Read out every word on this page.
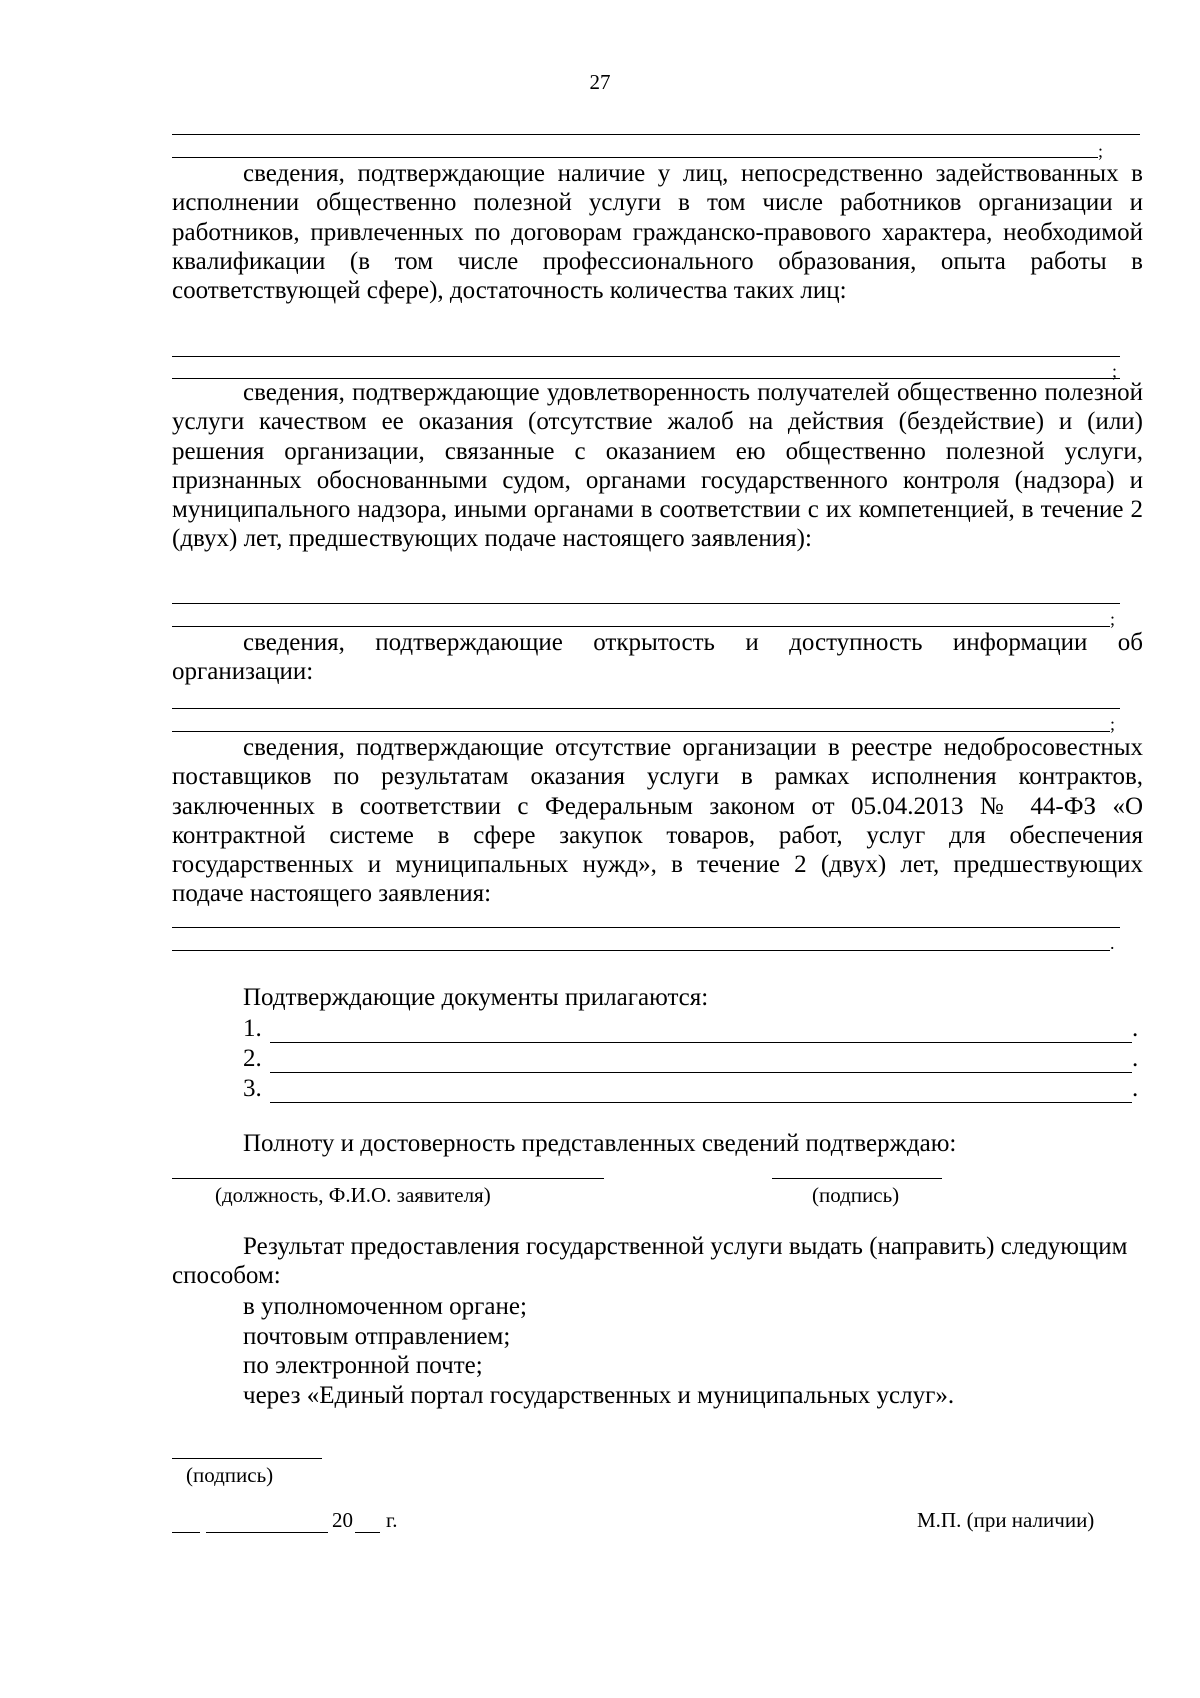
27
;

сведения, подтверждающие наличие у лиц, непосредственно задействованных в исполнении общественно полезной услуги в том числе работников организации и работников, привлеченных по договорам гражданско-правового характера, необходимой квалификации (в том числе профессионального образования, опыта работы в соответствующей сфере), достаточность количества таких лиц:

;

сведения, подтверждающие удовлетворенность получателей общественно полезной услуги качеством ее оказания (отсутствие жалоб на действия (бездействие) и (или) решения организации, связанные с оказанием ею общественно полезной услуги, признанных обоснованными судом, органами государственного контроля (надзора) и муниципального надзора, иными органами в соответствии с их компетенцией, в течение 2 (двух) лет, предшествующих подаче настоящего заявления):

;

сведения, подтверждающие открытость и доступность информации об организации:

;

сведения, подтверждающие отсутствие организации в реестре недобросовестных поставщиков по результатам оказания услуги в рамках исполнения контрактов, заключенных в соответствии с Федеральным законом от 05.04.2013 № 44-ФЗ «О контрактной системе в сфере закупок товаров, работ, услуг для обеспечения государственных и муниципальных нужд», в течение 2 (двух) лет, предшествующих подаче настоящего заявления:

.
Подтверждающие документы прилагаются:
1.	.
2.	.
3.	.
Полноту и достоверность представленных сведений подтверждаю:
(должность, Ф.И.О. заявителя)	(подпись)

Результат предоставления государственной услуги выдать (направить) следующим способом:

в уполномоченном органе;
почтовым отправлением;
по электронной почте;
через «Единый портал государственных и муниципальных услуг».
(подпись)
20 г.	М.П. (при наличии)
